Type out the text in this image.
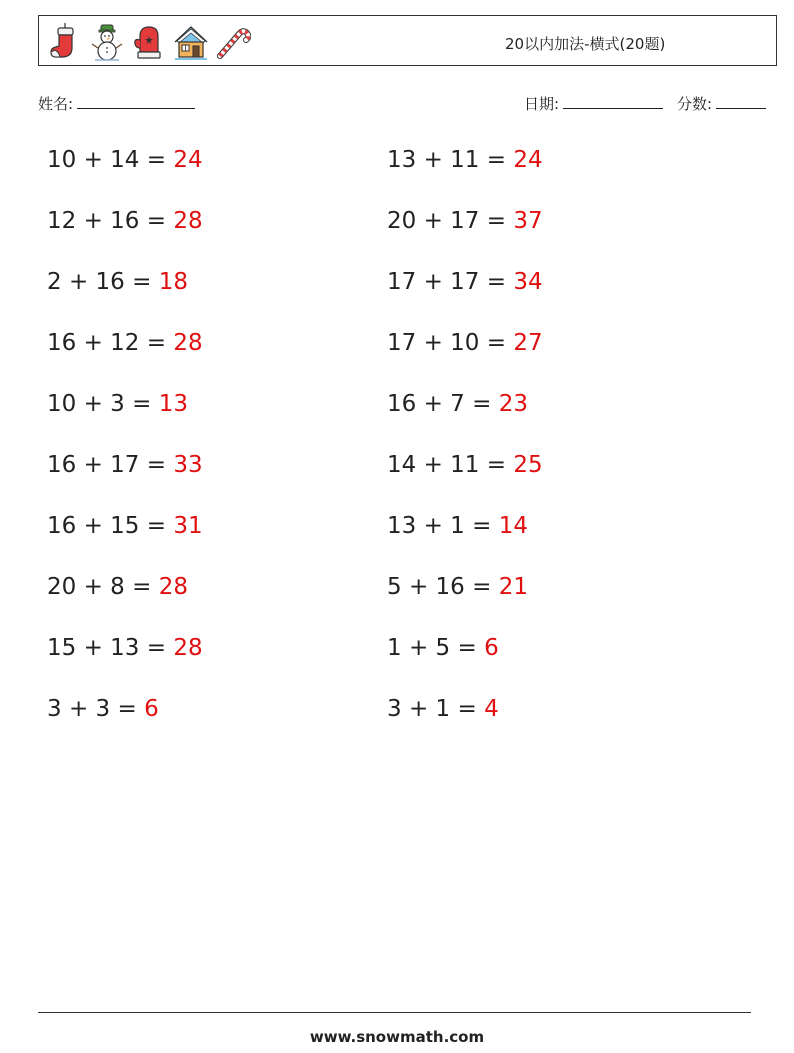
20以内加法-横式(20题)
姓名:	日期:	分数:
10 + 14 = 24	13 + 11 = 24
12 + 16 = 28	20 + 17 = 37
2 + 16 = 18	17 + 17 = 34
16 + 12 = 28	17 + 10 = 27
10 + 3 = 13	16 + 7 = 23
16 + 17 = 33	14 + 11 = 25
16 + 15 = 31	13 + 1 = 14
20 + 8 = 28	5 + 16 = 21
15 + 13 = 28	1 + 5 = 6
3 + 3 = 6	3 + 1 = 4
www.snowmath.com
